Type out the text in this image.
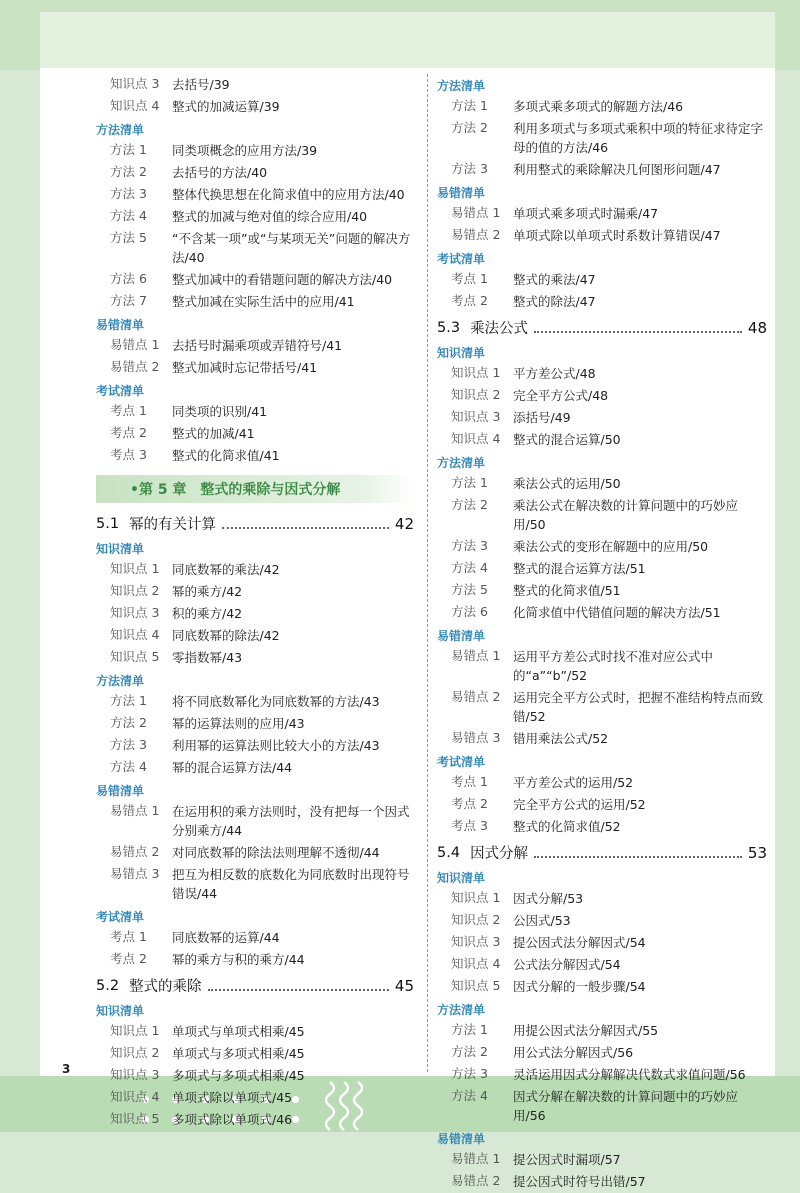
知识点 3	去括号/39
知识点 4	整式的加减运算/39
方法清单
方法 1	同类项概念的应用方法/39
方法 2	去括号的方法/40
方法 3	整体代换思想在化简求值中的应用方法/40
方法 4	整式的加减与绝对值的综合应用/40
方法 5	“不含某一项”或“与某项无关”问题的解决方法/40
方法 6	整式加减中的看错题问题的解决方法/40
方法 7	整式加减在实际生活中的应用/41
易错清单
易错点 1	去括号时漏乘项或弄错符号/41
易错点 2	整式加减时忘记带括号/41
考试清单
考点 1	同类项的识别/41
考点 2	整式的加减/41
考点 3	整式的化简求值/41
•第 5 章　整式的乘除与因式分解
5.1 幂的有关计算	42
知识清单
知识点 1	同底数幂的乘法/42
知识点 2	幂的乘方/42
知识点 3	积的乘方/42
知识点 4	同底数幂的除法/42
知识点 5	零指数幂/43
方法清单
方法 1	将不同底数幂化为同底数幂的方法/43
方法 2	幂的运算法则的应用/43
方法 3	利用幂的运算法则比较大小的方法/43
方法 4	幂的混合运算方法/44
易错清单
易错点 1	在运用积的乘方法则时，没有把每一个因式分别乘方/44
易错点 2	对同底数幂的除法法则理解不透彻/44
易错点 3	把互为相反数的底数化为同底数时出现符号错误/44
考试清单
考点 1	同底数幂的运算/44
考点 2	幂的乘方与积的乘方/44
5.2 整式的乘除	45
知识清单
知识点 1	单项式与单项式相乘/45
知识点 2	单项式与多项式相乘/45
知识点 3	多项式与多项式相乘/45
知识点 4	单项式除以单项式/45
知识点 5	多项式除以单项式/46
方法清单
方法 1	多项式乘多项式的解题方法/46
方法 2	利用多项式与多项式乘积中项的特征求待定字母的值的方法/46
方法 3	利用整式的乘除解决几何图形问题/47
易错清单
易错点 1	单项式乘多项式时漏乘/47
易错点 2	单项式除以单项式时系数计算错误/47
考试清单
考点 1	整式的乘法/47
考点 2	整式的除法/47
5.3 乘法公式	48
知识清单
知识点 1	平方差公式/48
知识点 2	完全平方公式/48
知识点 3	添括号/49
知识点 4	整式的混合运算/50
方法清单
方法 1	乘法公式的运用/50
方法 2	乘法公式在解决数的计算问题中的巧妙应用/50
方法 3	乘法公式的变形在解题中的应用/50
方法 4	整式的混合运算方法/51
方法 5	整式的化简求值/51
方法 6	化简求值中代错值问题的解决方法/51
易错清单
易错点 1	运用平方差公式时找不准对应公式中的“a”“b”/52
易错点 2	运用完全平方公式时，把握不准结构特点而致错/52
易错点 3	错用乘法公式/52
考试清单
考点 1	平方差公式的运用/52
考点 2	完全平方公式的运用/52
考点 3	整式的化简求值/52
5.4 因式分解	53
知识清单
知识点 1	因式分解/53
知识点 2	公因式/53
知识点 3	提公因式法分解因式/54
知识点 4	公式法分解因式/54
知识点 5	因式分解的一般步骤/54
方法清单
方法 1	用提公因式法分解因式/55
方法 2	用公式法分解因式/56
方法 3	灵活运用因式分解解决代数式求值问题/56
方法 4	因式分解在解决数的计算问题中的巧妙应用/56
易错清单
易错点 1	提公因式时漏项/57
易错点 2	提公因式时符号出错/57
3
